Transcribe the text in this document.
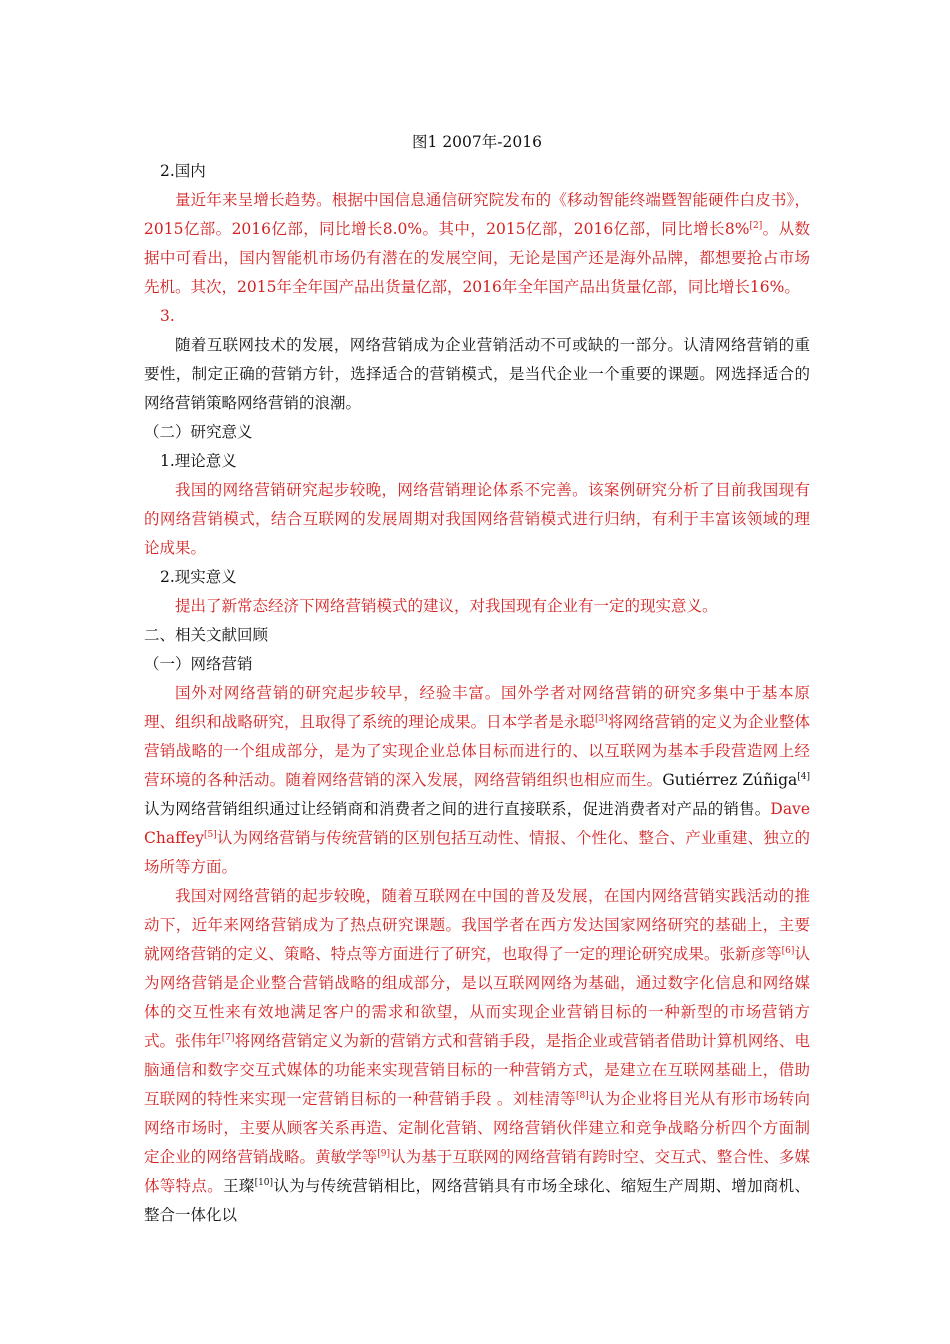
图1 2007年-2016

2.国内

量近年来呈增长趋势。根据中国信息通信研究院发布的《移动智能终端暨智能硬件白皮书》，2015亿部。2016亿部，同比增长8.0%。其中，2015亿部，2016亿部，同比增长8%[2]。从数据中可看出，国内智能机市场仍有潜在的发展空间，无论是国产还是海外品牌，都想要抢占市场先机。其次，2015年全年国产品出货量亿部，2016年全年国产品出货量亿部，同比增长16%。

3.

随着互联网技术的发展，网络营销成为企业营销活动不可或缺的一部分。认清网络营销的重要性，制定正确的营销方针，选择适合的营销模式，是当代企业一个重要的课题。网选择适合的网络营销策略网络营销的浪潮。

（二）研究意义

1.理论意义

我国的网络营销研究起步较晚，网络营销理论体系不完善。该案例研究分析了目前我国现有的网络营销模式，结合互联网的发展周期对我国网络营销模式进行归纳，有利于丰富该领域的理论成果。

2.现实意义

提出了新常态经济下网络营销模式的建议，对我国现有企业有一定的现实意义。

二、相关文献回顾

（一）网络营销

国外对网络营销的研究起步较早，经验丰富。国外学者对网络营销的研究多集中于基本原理、组织和战略研究，且取得了系统的理论成果。日本学者是永聪[3]将网络营销的定义为企业整体营销战略的一个组成部分，是为了实现企业总体目标而进行的、以互联网为基本手段营造网上经营环境的各种活动。随着网络营销的深入发展，网络营销组织也相应而生。Gutiérrez Zúñiga[4]认为网络营销组织通过让经销商和消费者之间的进行直接联系，促进消费者对产品的销售。Dave Chaffey[5]认为网络营销与传统营销的区别包括互动性、情报、个性化、整合、产业重建、独立的场所等方面。

我国对网络营销的起步较晚，随着互联网在中国的普及发展，在国内网络营销实践活动的推动下，近年来网络营销成为了热点研究课题。我国学者在西方发达国家网络研究的基础上，主要就网络营销的定义、策略、特点等方面进行了研究，也取得了一定的理论研究成果。张新彦等[6]认为网络营销是企业整合营销战略的组成部分，是以互联网网络为基础，通过数字化信息和网络媒体的交互性来有效地满足客户的需求和欲望，从而实现企业营销目标的一种新型的市场营销方式。张伟年[7]将网络营销定义为新的营销方式和营销手段，是指企业或营销者借助计算机网络、电脑通信和数字交互式媒体的功能来实现营销目标的一种营销方式，是建立在互联网基础上，借助互联网的特性来实现一定营销目标的一种营销手段 。刘桂清等[8]认为企业将目光从有形市场转向网络市场时，主要从顾客关系再造、定制化营销、网络营销伙伴建立和竞争战略分析四个方面制定企业的网络营销战略。黄敏学等[9]认为基于互联网的网络营销有跨时空、交互式、整合性、多媒体等特点。王璨[10]认为与传统营销相比，网络营销具有市场全球化、缩短生产周期、增加商机、整合一体化以
